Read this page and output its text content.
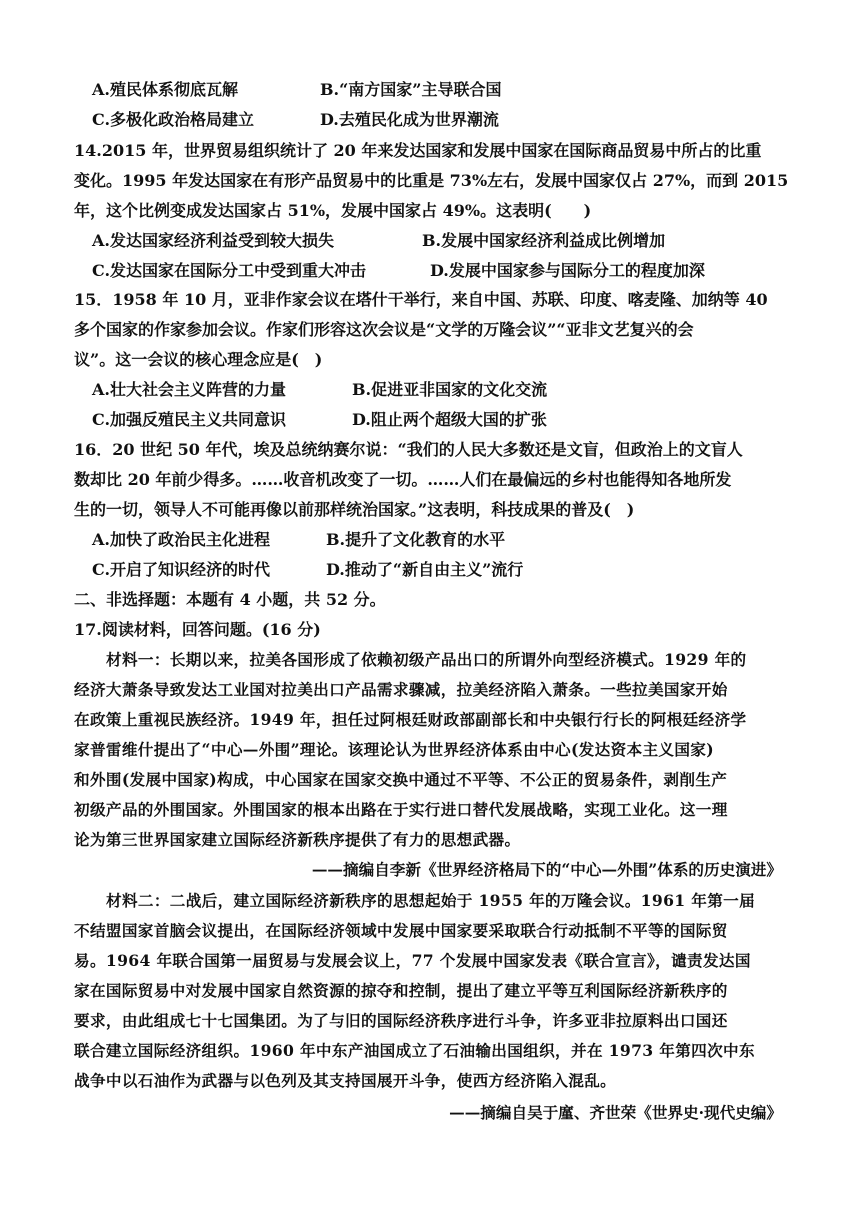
A.殖民体系彻底瓦解	B.“南方国家”主导联合国
C.多极化政治格局建立	D.去殖民化成为世界潮流
14.2015 年，世界贸易组织统计了 20 年来发达国家和发展中国家在国际商品贸易中所占的比重
变化。1995 年发达国家在有形产品贸易中的比重是 73%左右，发展中国家仅占 27%，而到 2015
年，这个比例变成发达国家占 51%，发展中国家占 49%。这表明(　　)
A.发达国家经济利益受到较大损失	B.发展中国家经济利益成比例增加
C.发达国家在国际分工中受到重大冲击	D.发展中国家参与国际分工的程度加深
15．1958 年 10 月，亚非作家会议在塔什干举行，来自中国、苏联、印度、喀麦隆、加纳等 40
多个国家的作家参加会议。作家们形容这次会议是“文学的万隆会议”“亚非文艺复兴的会
议”。这一会议的核心理念应是(　)
A.壮大社会主义阵营的力量	B.促进亚非国家的文化交流
C.加强反殖民主义共同意识	D.阻止两个超级大国的扩张
16．20 世纪 50 年代，埃及总统纳赛尔说：“我们的人民大多数还是文盲，但政治上的文盲人
数却比 20 年前少得多。……收音机改变了一切。……人们在最偏远的乡村也能得知各地所发
生的一切，领导人不可能再像以前那样统治国家。”这表明，科技成果的普及(　)
A.加快了政治民主化进程	B.提升了文化教育的水平
C.开启了知识经济的时代	D.推动了“新自由主义”流行
二、非选择题：本题有 4 小题，共 52 分。
17.阅读材料，回答问题。(16 分)
材料一：长期以来，拉美各国形成了依赖初级产品出口的所谓外向型经济模式。1929 年的
经济大萧条导致发达工业国对拉美出口产品需求骤减，拉美经济陷入萧条。一些拉美国家开始
在政策上重视民族经济。1949 年，担任过阿根廷财政部副部长和中央银行行长的阿根廷经济学
家普雷维什提出了“中心—外围”理论。该理论认为世界经济体系由中心(发达资本主义国家)
和外围(发展中国家)构成，中心国家在国家交换中通过不平等、不公正的贸易条件，剥削生产
初级产品的外围国家。外围国家的根本出路在于实行进口替代发展战略，实现工业化。这一理
论为第三世界国家建立国际经济新秩序提供了有力的思想武器。
——摘编自李新《世界经济格局下的“中心—外围”体系的历史演进》
材料二：二战后，建立国际经济新秩序的思想起始于 1955 年的万隆会议。1961 年第一届
不结盟国家首脑会议提出，在国际经济领域中发展中国家要采取联合行动抵制不平等的国际贸
易。1964 年联合国第一届贸易与发展会议上，77 个发展中国家发表《联合宣言》，谴责发达国
家在国际贸易中对发展中国家自然资源的掠夺和控制，提出了建立平等互利国际经济新秩序的
要求，由此组成七十七国集团。为了与旧的国际经济秩序进行斗争，许多亚非拉原料出口国还
联合建立国际经济组织。1960 年中东产油国成立了石油输出国组织，并在 1973 年第四次中东
战争中以石油作为武器与以色列及其支持国展开斗争，使西方经济陷入混乱。
——摘编自吴于廑、齐世荣《世界史·现代史编》
